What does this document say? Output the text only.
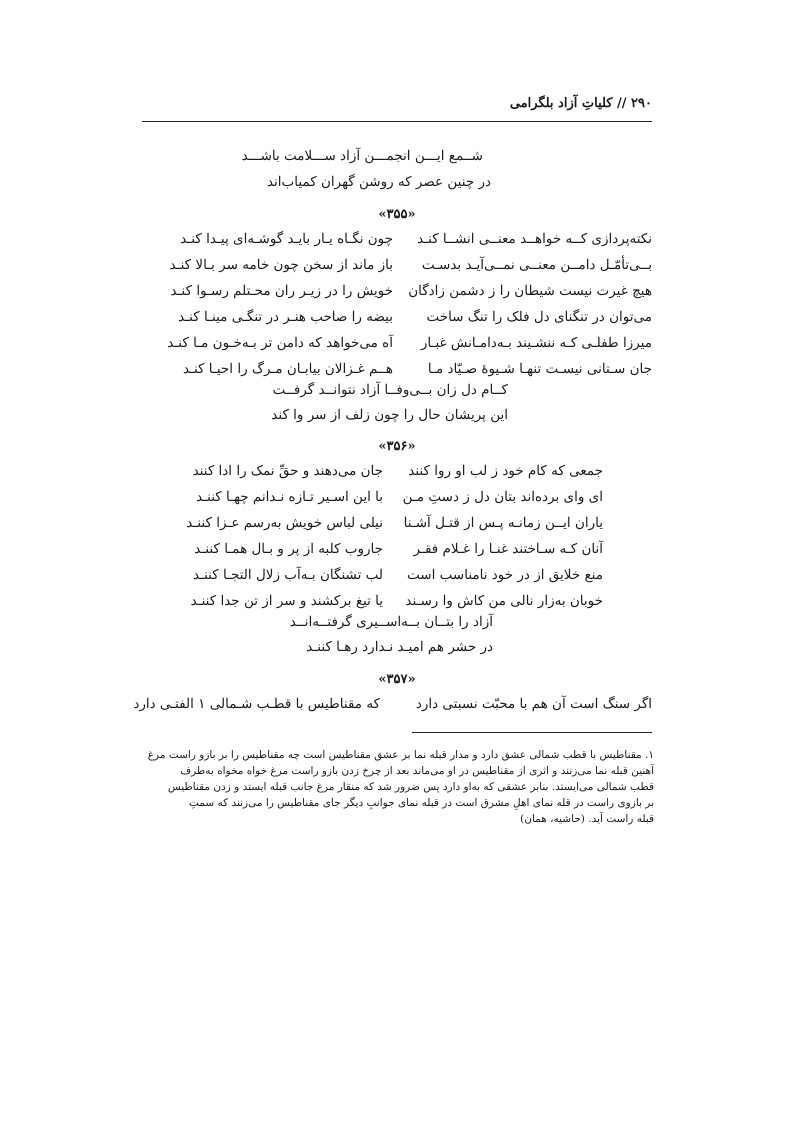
۲۹۰ // کلیاتِ آزاد بلگرامی
شــمع ایـــن انجمـــن آزاد ســـلامت باشـــد
در چنین عصر که روشن گهران کمیاب‌اند
«۳۵۵»
نکته‌پردازی کــه خواهــد معنــی انشــا کنـد
چون نگـاه یـار بایـد گوشـه‌ای پیـدا کنـد
بــی‌تأمّـل دامــن معنــی نمــی‌آیـد بدسـت
باز ماند از سخن چون خامه سر بـالا کنـد
هیچ غیرت نیست شیطان را ز دشمن زادگان
خویش را در زیـر ران محـتلم رسـوا کنـد
می‌توان در تنگنای دل فلک را تنگ ساخت
بیضه را صاحب هنـر در تنگـی مینـا کنـد
میرزا طفلـی کـه ننشـیند بـه‌دامـانش غبـار
آه می‌خواهد که دامن تر بـه‌خـون مـا کنـد
جان سـتانی نیسـت تنهـا شـیوهٔ صـیّاد مـا
هــم غـزالان بیابـان مـرگ را احیـا کنـد
کــام دل زان بــی‌وفــا آزاد نتوانــد گرفــت
این پریشان حال را چون زلف از سر وا کند
«۳۵۶»
جمعی که کام خود ز لب او روا کنند
جان می‌دهند و حقِّ نمک را ادا کنند
ای وای برده‌اند بتان دل ز دستِ مـن
با این اسـیر تـازه نـدانم چهـا کننـد
یاران ایــن زمانـه پـس از قتـل آشـنا
نیلی لباس خویش به‌رسم عـزا کننـد
آنان کـه سـاختند غنـا را غـلام فقـر
جاروب کلبه از پر و بـال همـا کننـد
منع خلایق از در خود نامناسب است
لب تشنگان بـه‌آب زلال التجـا کننـد
خوبان به‌زار نالی من کاش وا رسـند
یا تیغ برکشند و سر از تن جدا کننـد
آزاد را بتــان بــه‌اســیری گرفتــه‌انــد
در حشر هم امیـد نـدارد رهـا کننـد
«۳۵۷»
اگر سنگ است آن هم با محبّت نسبتی دارد
که مقناطیس با قطـب شـمالی ۱ الفتـی دارد
۱. مقناطیس با قطب شمالی عشق دارد و مدار قبله نما بر عشق مقناطیس است چه مقناطیس را بر بازو راست مرغ
آهنین قبله نما می‌زنند و اثری از مقناطیس در او می‌ماند بعد از چرخ زدن بازو راست مرغ خواه مخواه به‌طرف
قطب شمالی می‌ایستد. بنابر عشقی که به‌او دارد پس ضرور شد که منقار مرغ جانب قبله ایستد و زدن مقناطیس
بر بازوی راست در قله نمای اهلِ مشرق است در قبله نمای جوانبِ دیگر جای مقناطیس را می‌زنند که سمتِ
قبله راست آید. (حاشیه، همان)
